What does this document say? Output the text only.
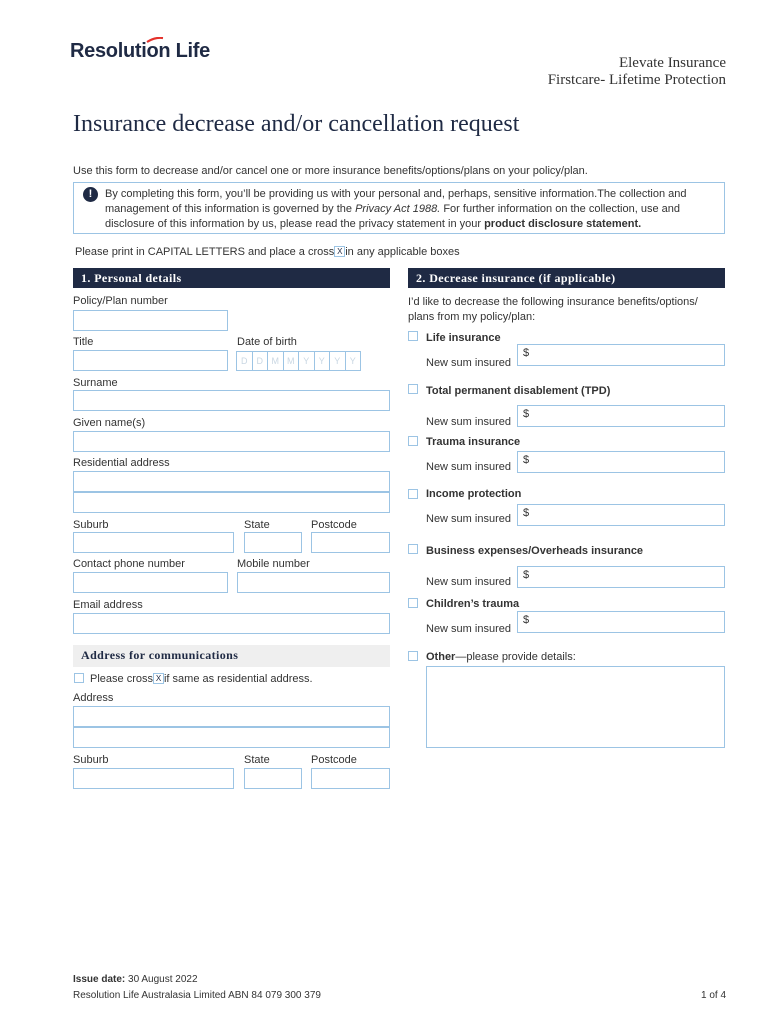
Resolution Life
Elevate Insurance
Firstcare- Lifetime Protection
Insurance decrease and/or cancellation request
Use this form to decrease and/or cancel one or more insurance benefits/options/plans on your policy/plan.
!	By completing this form, you’ll be providing us with your personal and, perhaps, sensitive information.The collection and management of this information is governed by the Privacy Act 1988. For further information on the collection, use and disclosure of this information by us, please read the privacy statement in your product disclosure statement.
Please print in CAPITAL LETTERS and place a cross X in any applicable boxes
1. Personal details
Policy/Plan number
Title	Date of birth
D	D M M Y	Y	Y	Y
Surname
Given name(s)
Residential address
Suburb	State	Postcode
Contact phone number	Mobile number
Email address
Address for communications
Please cross X if same as residential address.
Address
Suburb	State	Postcode
2. Decrease insurance (if applicable)
I’d like to decrease the following insurance benefits/options/ plans from my policy/plan:
Life insurance
New sum insured
$
Total permanent disablement (TPD)
New sum insured
$
Trauma insurance
New sum insured
$
Income protection
New sum insured $
Business expenses/Overheads insurance
New sum insured
$
Children’s trauma
New sum insured
$
Other—please provide details:
Issue date: 30 August 2022
Resolution Life Australasia Limited ABN 84 079 300 379	1 of 4
